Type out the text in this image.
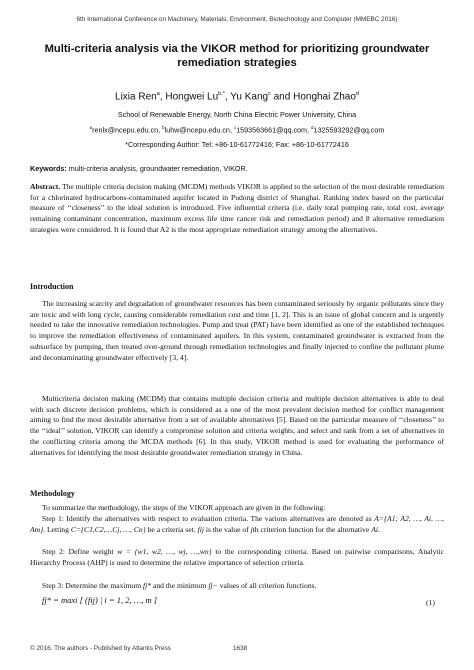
6th International Conference on Machinery, Materials, Environment, Biotechnology and Computer (MMEBC 2016)
Multi-criteria analysis via the VIKOR method for prioritizing groundwater
remediation strategies
Lixia Ren$^a$, Hongwei $Lu^{b,*}$, Yu Kang$^c$ and Honghai Zhao$^d$
School of Renewable Energy, North China Electric Power University, China
$^a$renlx@ncepu.edu.cn, $^b$luhw@ncepu.edu.cn, $^c$1593563661@qq.com, $^d$1325593292@qq.com
*Corresponding Author: Tel: +86-10-61772416; Fax: +86-10-61772416
Keywords: multi-criteria analysis, groundwater remediation, VIKOR.

Abstract. The multiple criteria decision making (MCDM) methods VIKOR is applied to the selection of the most desirable remediation for a chlorinated hydrocarbons-contaminated aquifer located in Pudong district of Shanghai. Ranking index based on the particular measure of ‘‘closeness’’ to the ideal solution is introduced. Five influential criteria (i.e. daily total pumping rate, total cost, average remaining contaminant concentration, maximum excess life time cancer risk and remediation period) and 8 alternative remediation strategies were considered. It is found that A2 is the most appropriate remediation strategy among the alternatives.

Introduction

The increasing scarcity and degradation of groundwater resources has been contaminated seriously by organic pollutants since they are toxic and with long cycle, causing considerable remediation cost and time [1, 2]. This is an issue of global concern and is urgently needed to take the innovative remediation technologies. Pump and treat (PAT) have been identified as one of the established techniques to improve the remediation effectiveness of contaminated aquifers. In this system, contaminated groundwater is extracted from the subsurface by pumping, then treated over-ground through remediation technologies and finally injected to confine the pollutant plume and decontaminating groundwater effectively [3, 4].

Multicriteria decision making (MCDM) that contains multiple decision criteria and multiple decision alternatives is able to deal with such discrete decision problems, which is considered as a one of the most prevalent decision method for conflict management aiming to find the most desirable alternative from a set of available alternatives [5]. Based on the particular measure of ‘‘closeness’’ to the ‘‘ideal’’ solution, VIKOR can identify a compromise solution and criteria weights, and select and rank from a set of alternatives in the conflicting criteria among the MCDA methods [6]. In this study, VIKOR method is used for evaluating the performance of alternatives for identifying the most desirable groundwater remediation strategy in China.

Methodology

To summarize the methodology, the steps of the VIKOR approach are given in the following:

Step 1: Identify the alternatives with respect to evaluation criteria. The various alternatives are denoted as A={A1; A2, …, Ai, …, Am}. Letting C={C1,C2,…Cj, …, Cn} be a criteria set. fij is the value of jth criterion function for the alternative Ai.

Step 2: Define weight w = {w1, w2, …, wj, …,wn} to the corresponding criteria. Based on pairwise comparisons, Analytic Hierarchy Process (AHP) is used to determine the relative importance of selection criteria.

Step 3: Determine the maximum fj* and the minimum fj− values of all criterion functions.

fj* = maxi [ (fij) | i = 1, 2, …, m ]	(1)
© 2016. The authors - Published by Atlantis Press	1638
